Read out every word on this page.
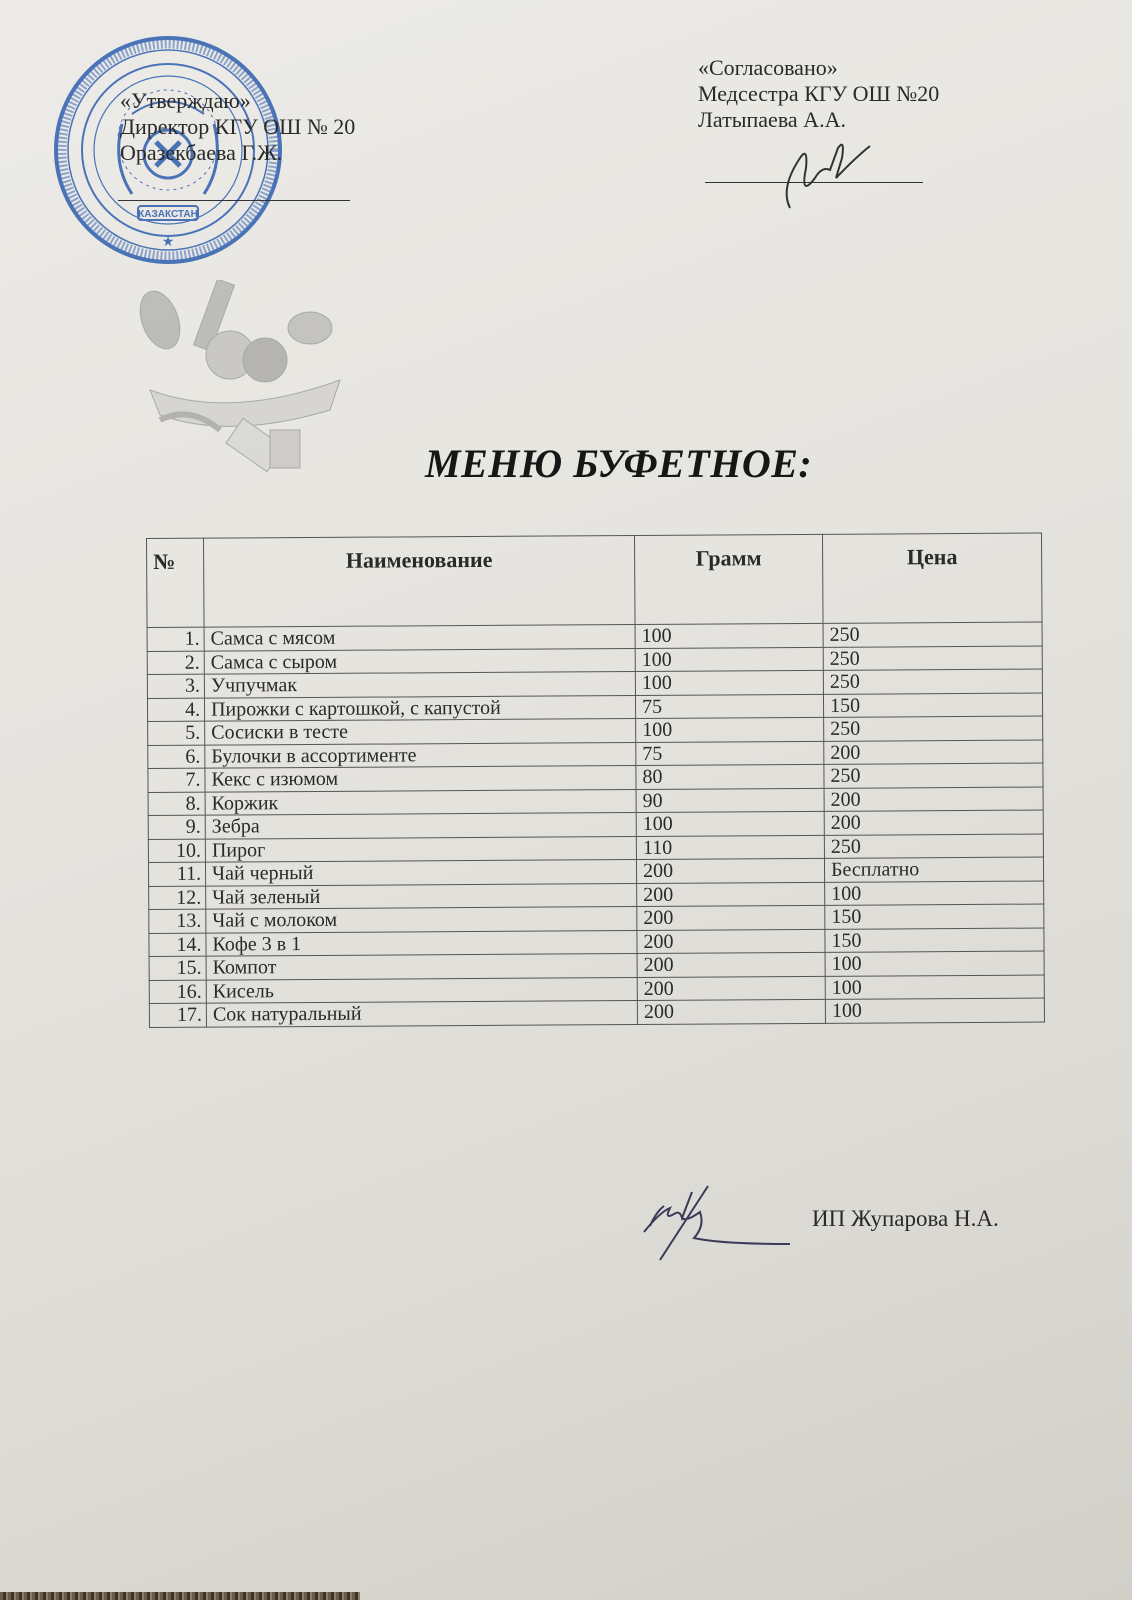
КАЗАКСТАН
★
«Утверждаю»
Директор КГУ ОШ № 20
Оразекбаева Г.Ж.
«Согласовано»
Медсестра КГУ ОШ №20
Латыпаева А.А.
МЕНЮ БУФЕТНОЕ:
№	Наименование	Грамм	Цена
1.	Самса с мясом	100	250
2.	Самса с сыром	100	250
3.	Учпучмак	100	250
4.	Пирожки с картошкой, с капустой	75	150
5.	Сосиски в тесте	100	250
6.	Булочки в ассортименте	75	200
7.	Кекс с изюмом	80	250
8.	Коржик	90	200
9.	Зебра	100	200
10.	Пирог	110	250
11.	Чай черный	200	Бесплатно
12.	Чай зеленый	200	100
13.	Чай с молоком	200	150
14.	Кофе 3 в 1	200	150
15.	Компот	200	100
16.	Кисель	200	100
17.	Сок натуральный	200	100
ИП Жупарова Н.А.
